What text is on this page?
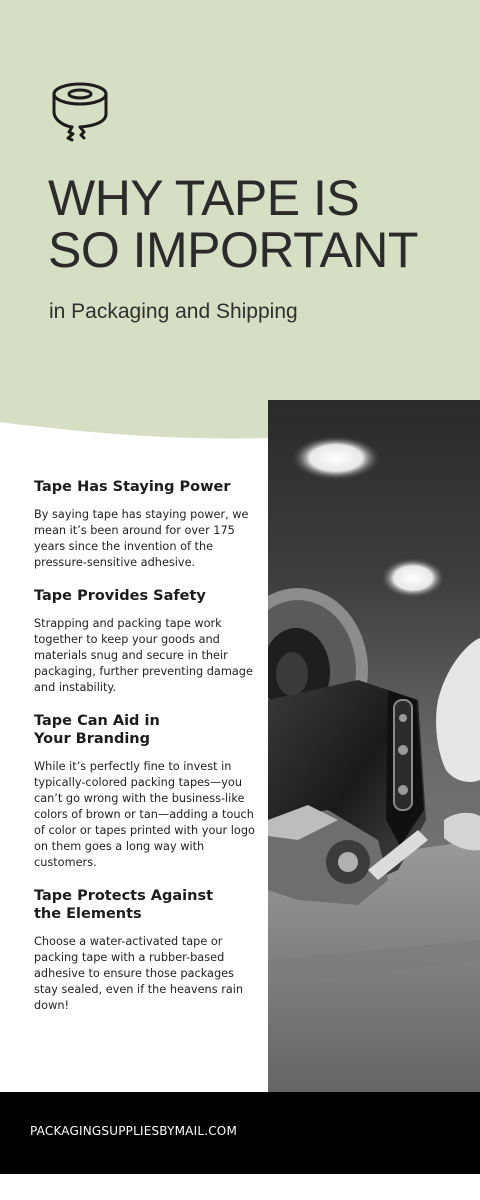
WHY TAPE IS
SO IMPORTANT
in Packaging and Shipping
Tape Has Staying Power

By saying tape has staying power, we mean it’s been around for over 175 years since the invention of the pressure-sensitive adhesive.

Tape Provides Safety

Strapping and packing tape work together to keep your goods and materials snug and secure in their packaging, further preventing damage and instability.

Tape Can Aid in Your Branding

While it’s perfectly fine to invest in typically-colored packing tapes—you can’t go wrong with the business-like colors of brown or tan—adding a touch of color or tapes printed with your logo on them goes a long way with customers.

Tape Protects Against the Elements

Choose a water-activated tape or packing tape with a rubber-based adhesive to ensure those packages stay sealed, even if the heavens rain down!

PACKAGINGSUPPLIESBYMAIL.COM
